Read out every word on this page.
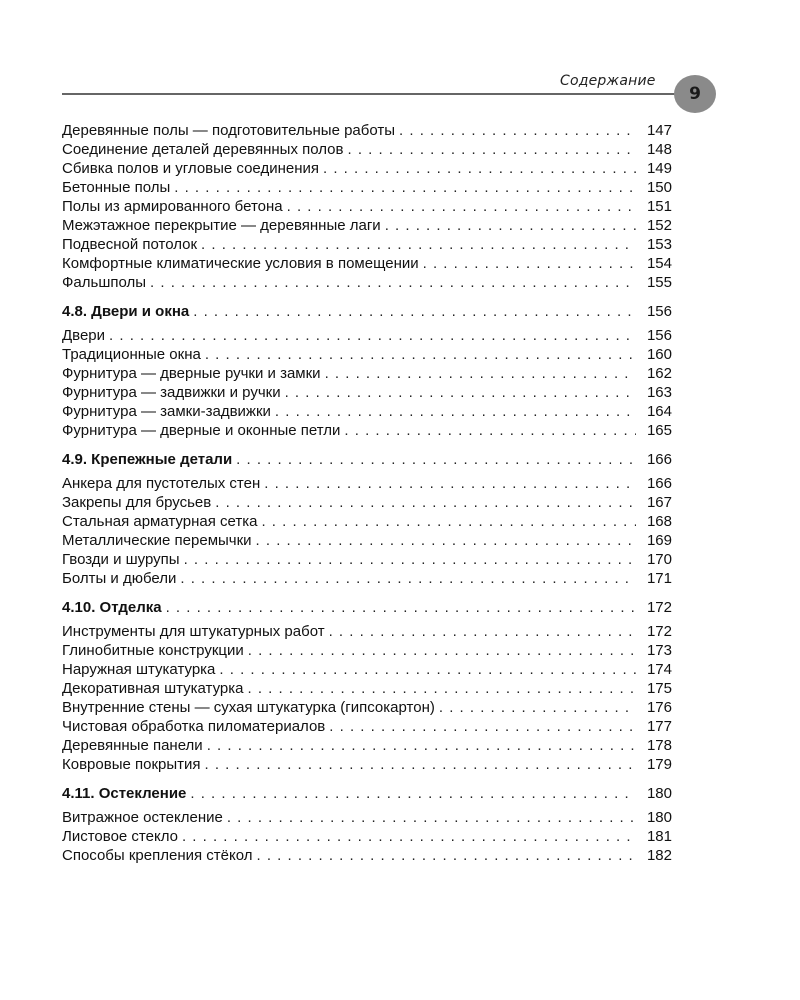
Содержание
9
Деревянные полы — подготовительные работы . . .	147
Соединение деталей деревянных полов . . .	148
Сбивка полов и угловые соединения . . .	149
Бетонные полы . . .	150
Полы из армированного бетона . . .	151
Межэтажное перекрытие — деревянные лаги . . .	152
Подвесной потолок . . .	153
Комфортные климатические условия в помещении . . .	154
Фальшполы . . .	155
4.8. Двери и окна . . .	156
Двери . . .	156
Традиционные окна . . .	160
Фурнитура — дверные ручки и замки . . .	162
Фурнитура — задвижки и ручки . . .	163
Фурнитура — замки-задвижки . . .	164
Фурнитура — дверные и оконные петли . . .	165
4.9. Крепежные детали . . .	166
Анкера для пустотелых стен . . .	166
Закрепы для брусьев . . .	167
Стальная арматурная сетка . . .	168
Металлические перемычки . . .	169
Гвозди и шурупы . . .	170
Болты и дюбели . . .	171
4.10. Отделка . . .	172
Инструменты для штукатурных работ . . .	172
Глинобитные конструкции . . .	173
Наружная штукатурка . . .	174
Декоративная штукатурка . . .	175
Внутренние стены — сухая штукатурка (гипсокартон) . . .	176
Чистовая обработка пиломатериалов . . .	177
Деревянные панели . . .	178
Ковровые покрытия . . .	179
4.11. Остекление . . .	180
Витражное остекление . . .	180
Листовое стекло . . .	181
Способы крепления стёкол . . .	182
